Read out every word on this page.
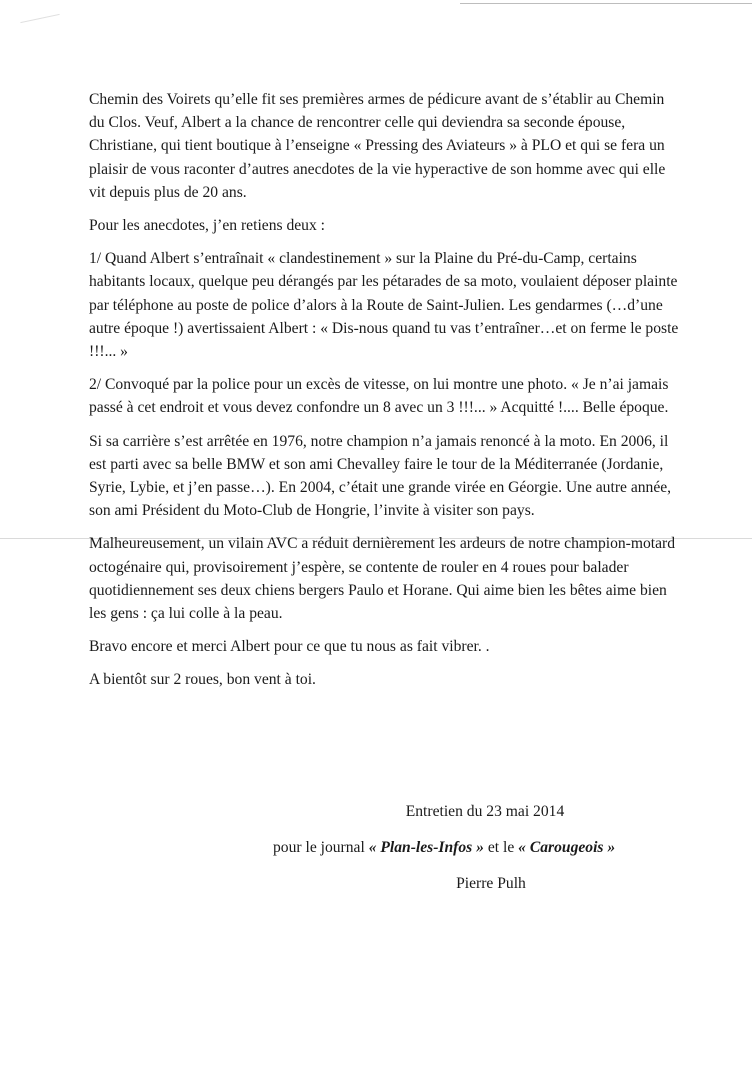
Chemin des Voirets qu’elle fit ses premières armes de pédicure avant de s’établir au Chemin du Clos. Veuf, Albert a la chance de rencontrer celle qui deviendra sa seconde épouse, Christiane, qui tient boutique à l’enseigne « Pressing des Aviateurs » à PLO et qui se fera un plaisir de vous raconter d’autres anecdotes de la vie hyperactive de son homme avec qui elle vit depuis plus de 20 ans.

Pour les anecdotes, j’en retiens deux :

1/ Quand Albert s’entraînait « clandestinement » sur la Plaine du Pré-du-Camp, certains habitants locaux, quelque peu dérangés par les pétarades de sa moto, voulaient déposer plainte par téléphone au poste de police d’alors à la Route de Saint-Julien. Les gendarmes (…d’une autre époque !) avertissaient Albert : « Dis-nous quand tu vas t’entraîner…et on ferme le poste !!!... »

2/ Convoqué par la police pour un excès de vitesse, on lui montre une photo. « Je n’ai jamais passé à cet endroit et vous devez confondre un 8 avec un 3 !!!... » Acquitté !.... Belle époque.

Si sa carrière s’est arrêtée en 1976, notre champion n’a jamais renoncé à la moto. En 2006, il est parti avec sa belle BMW et son ami Chevalley faire le tour de la Méditerranée (Jordanie, Syrie, Lybie, et j’en passe…). En 2004, c’était une grande virée en Géorgie. Une autre année, son ami Président du Moto-Club de Hongrie, l’invite à visiter son pays.

Malheureusement, un vilain AVC a réduit dernièrement les ardeurs de notre champion-motard octogénaire qui, provisoirement j’espère, se contente de rouler en 4 roues pour balader quotidiennement ses deux chiens bergers Paulo et Horane. Qui aime bien les bêtes aime bien les gens : ça lui colle à la peau.

Bravo encore et merci Albert pour ce que tu nous as fait vibrer. .

A bientôt sur 2 roues, bon vent à toi.

Entretien du 23 mai 2014
pour le journal « Plan-les-Infos » et le « Carougeois »
Pierre Pulh
